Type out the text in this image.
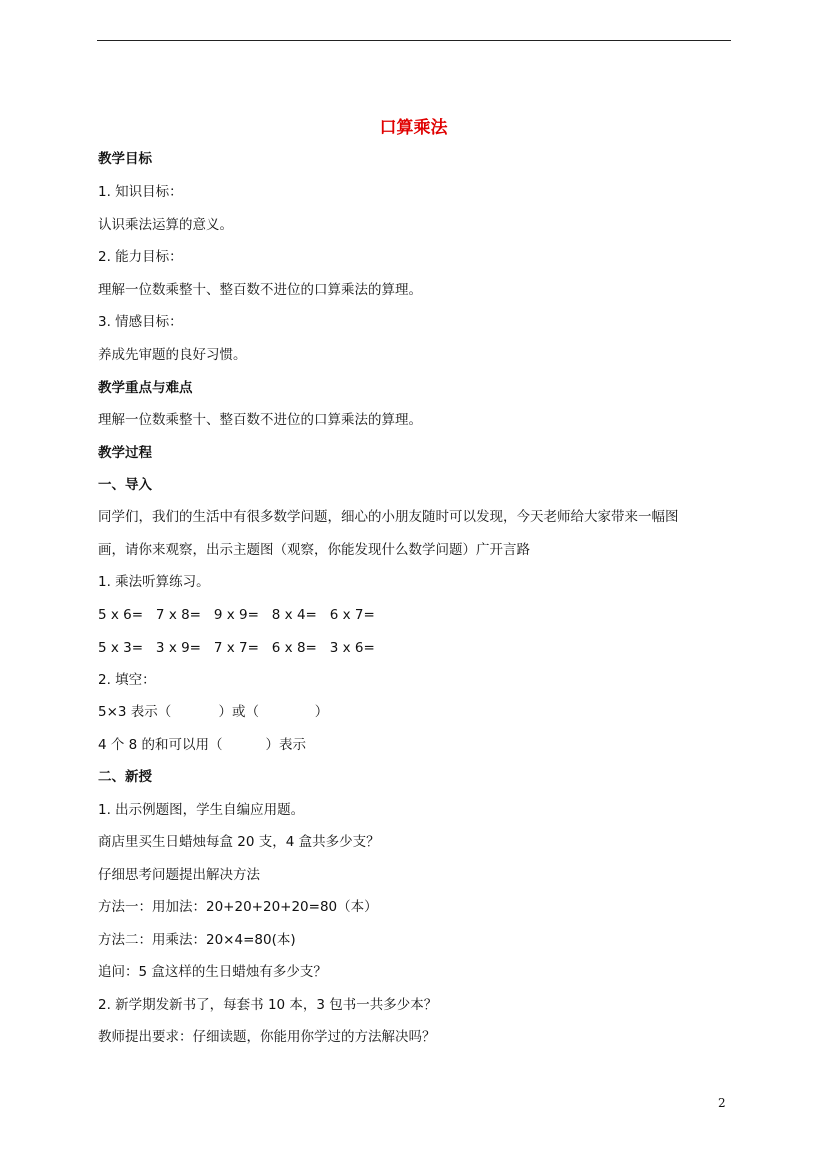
口算乘法
教学目标
1. 知识目标：
认识乘法运算的意义。
2. 能力目标：
理解一位数乘整十、整百数不进位的口算乘法的算理。
3. 情感目标：
养成先审题的良好习惯。
教学重点与难点
理解一位数乘整十、整百数不进位的口算乘法的算理。
教学过程
一、导入
同学们，我们的生活中有很多数学问题，细心的小朋友随时可以发现，今天老师给大家带来一幅图
画，请你来观察，出示主题图（观察，你能发现什么数学问题）广开言路
1. 乘法听算练习。
5 x 6=   7 x 8=   9 x 9=   8 x 4=   6 x 7=
5 x 3=   3 x 9=   7 x 7=   6 x 8=   3 x 6=
2. 填空：
5×3 表示（           ）或（             ）
4 个 8 的和可以用（          ）表示
二、新授
1. 出示例题图，学生自编应用题。
商店里买生日蜡烛每盒 20 支，4 盒共多少支？
仔细思考问题提出解决方法
方法一：用加法：20+20+20+20=80（本）
方法二：用乘法：20×4=80(本)
追问：5 盒这样的生日蜡烛有多少支？
2. 新学期发新书了，每套书 10 本，3 包书一共多少本？
教师提出要求：仔细读题，你能用你学过的方法解决吗？
2
